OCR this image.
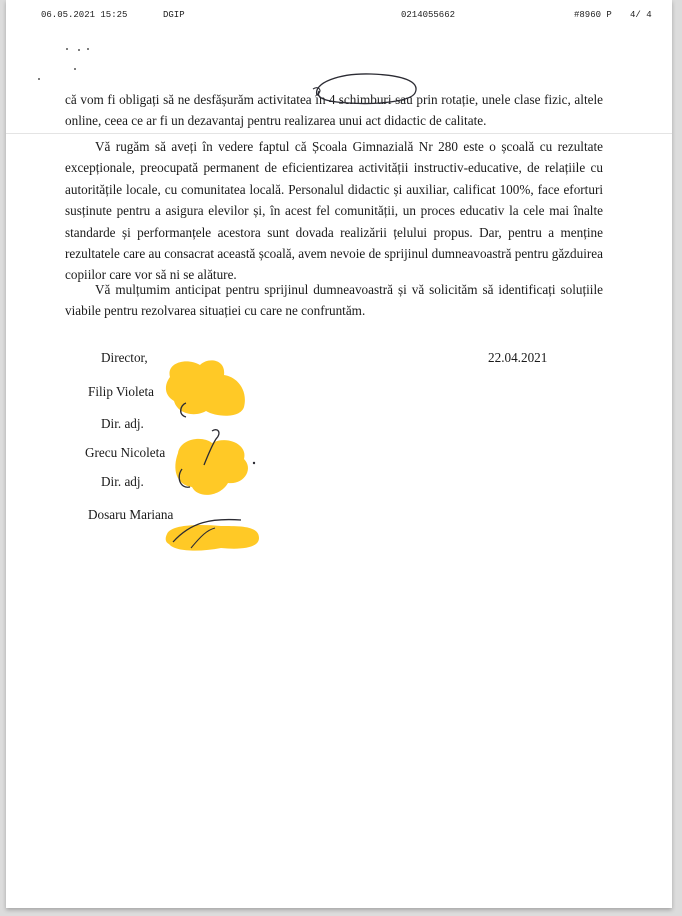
06.05.2021 15:25	DGIP	0214055662	#8960 P 4/ 4

că vom fi obligați să ne desfășurăm activitatea
în 4 schimburi sau prin rotație, unele clase fizic, altele online, ceea ce ar fi un dezavantaj pentru realizarea unui act didactic de calitate.

Vă rugăm să aveți în vedere faptul că Școala Gimnazială Nr 280 este o școală cu rezultate excepționale, preocupată permanent de eficientizarea activității instructiv-educative, de relațiile cu autoritățile locale, cu comunitatea locală. Personalul didactic și auxiliar, calificat 100%, face eforturi susținute pentru a asigura elevilor și, în acest fel comunității, un proces educativ la cele mai înalte standarde și performanțele acestora sunt dovada realizării țelului propus. Dar, pentru a menține rezultatele care au consacrat această școală, avem nevoie de sprijinul dumneavoastră pentru găzduirea copiilor care vor să ni se alăture.

Vă mulțumim anticipat pentru sprijinul dumneavoastră și vă solicităm să identificați soluțiile viabile pentru rezolvarea situației cu care ne confruntăm.

Director,	22.04.2021
Filip Violeta
Dir. adj.
Grecu Nicoleta
Dir. adj.
Dosaru Mariana
